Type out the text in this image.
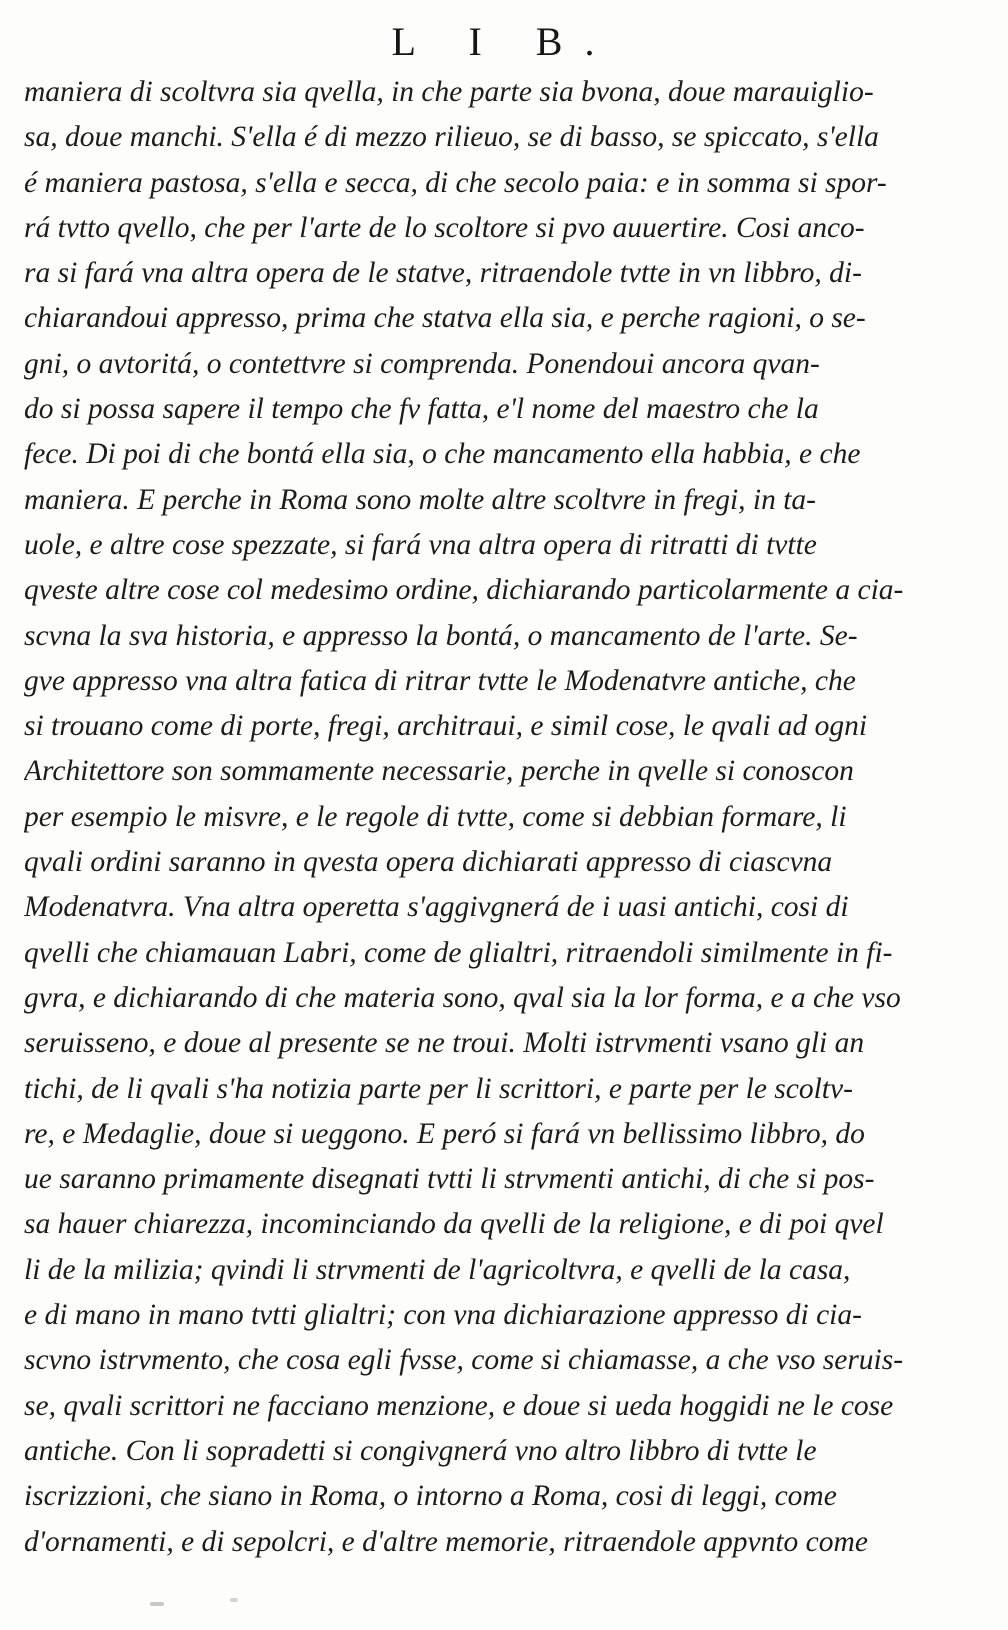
L I B.
maniera di scoltvra sia qvella, in che parte sia bvona, doue marauiglio-
sa, doue manchi. S'ella é di mezzo rilieuo, se di basso, se spiccato, s'ella
é maniera pastosa, s'ella e secca, di che secolo paia: e in somma si spor-
rá tvtto qvello, che per l'arte de lo scoltore si pvo auuertire. Cosi anco-
ra si fará vna altra opera de le statve, ritraendole tvtte in vn libbro, di-
chiarandoui appresso, prima che statva ella sia, e perche ragioni, o se-
gni, o avtoritá, o contettvre si comprenda. Ponendoui ancora qvan-
do si possa sapere il tempo che fv fatta, e'l nome del maestro che la
fece. Di poi di che bontá ella sia, o che mancamento ella habbia, e che
maniera. E perche in Roma sono molte altre scoltvre in fregi, in ta-
uole, e altre cose spezzate, si fará vna altra opera di ritratti di tvtte
qveste altre cose col medesimo ordine, dichiarando particolarmente a cia-
scvna la sva historia, e appresso la bontá, o mancamento de l'arte. Se-
gve appresso vna altra fatica di ritrar tvtte le Modenatvre antiche, che
si trouano come di porte, fregi, architraui, e simil cose, le qvali ad ogni
Architettore son sommamente necessarie, perche in qvelle si conoscon
per esempio le misvre, e le regole di tvtte, come si debbian formare, li
qvali ordini saranno in qvesta opera dichiarati appresso di ciascvna
Modenatvra. Vna altra operetta s'aggivgnerá de i uasi antichi, cosi di
qvelli che chiamauan Labri, come de glialtri, ritraendoli similmente in fi-
gvra, e dichiarando di che materia sono, qval sia la lor forma, e a che vso
seruisseno, e doue al presente se ne troui. Molti istrvmenti vsano gli an
tichi, de li qvali s'ha notizia parte per li scrittori, e parte per le scoltv-
re, e Medaglie, doue si ueggono. E peró si fará vn bellissimo libbro, do
ue saranno primamente disegnati tvtti li strvmenti antichi, di che si pos-
sa hauer chiarezza, incominciando da qvelli de la religione, e di poi qvel
li de la milizia; qvindi li strvmenti de l'agricoltvra, e qvelli de la casa,
e di mano in mano tvtti glialtri; con vna dichiarazione appresso di cia-
scvno istrvmento, che cosa egli fvsse, come si chiamasse, a che vso seruis-
se, qvali scrittori ne facciano menzione, e doue si ueda hoggidi ne le cose
antiche. Con li sopradetti si congivgnerá vno altro libbro di tvtte le
iscrizzioni, che siano in Roma, o intorno a Roma, cosi di leggi, come
d'ornamenti, e di sepolcri, e d'altre memorie, ritraendole appvnto come
